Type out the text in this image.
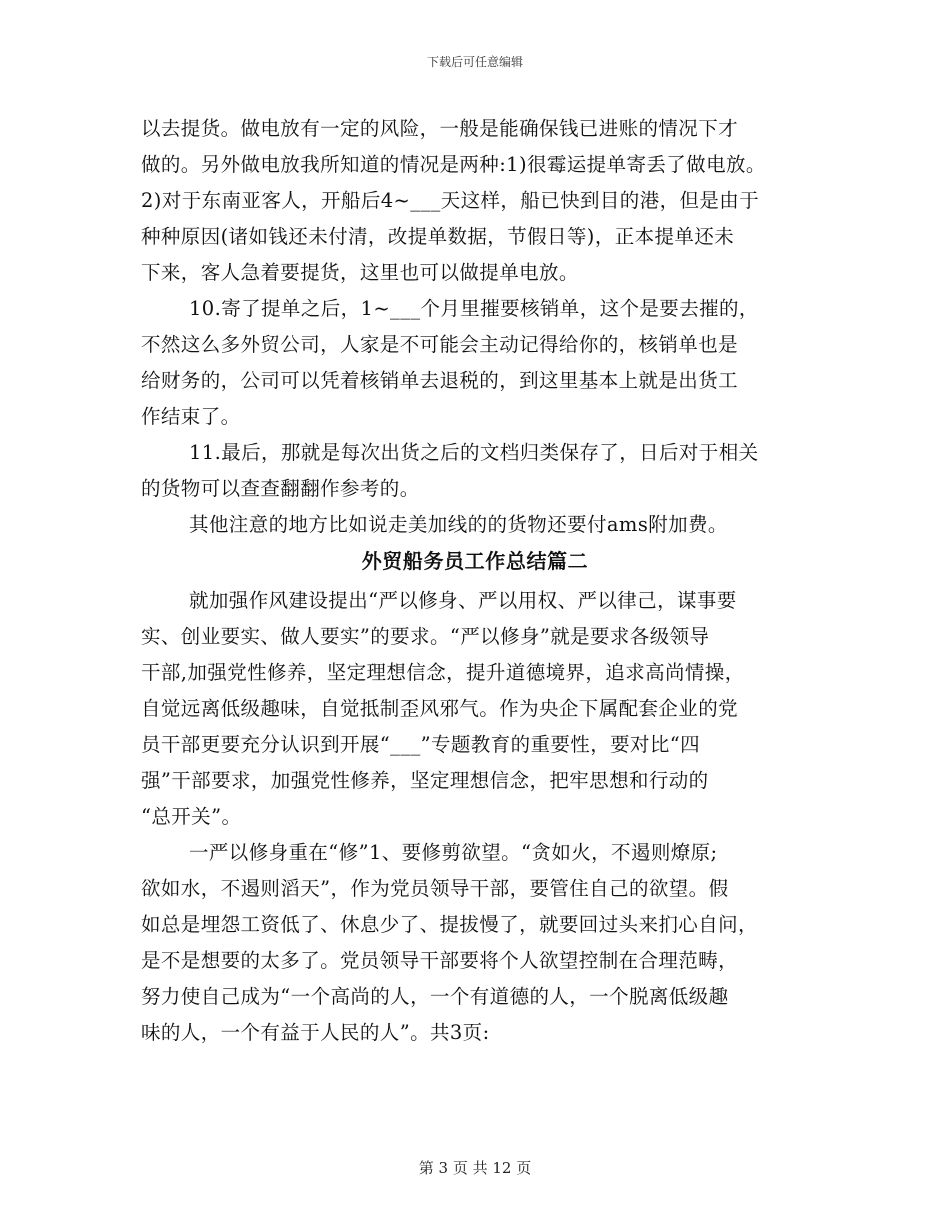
下载后可任意编辑
以去提货。做电放有一定的风险，一般是能确保钱已进账的情况下才
做的。另外做电放我所知道的情况是两种:1)很霉运提单寄丢了做电放。
2)对于东南亚客人，开船后4~___天这样，船已快到目的港，但是由于
种种原因(诸如钱还未付清，改提单数据，节假日等)，正本提单还未
下来，客人急着要提货，这里也可以做提单电放。
10.寄了提单之后，1~___个月里摧要核销单，这个是要去摧的，
不然这么多外贸公司，人家是不可能会主动记得给你的，核销单也是
给财务的，公司可以凭着核销单去退税的，到这里基本上就是出货工
作结束了。
11.最后，那就是每次出货之后的文档归类保存了，日后对于相关
的货物可以查查翻翻作参考的。
其他注意的地方比如说走美加线的的货物还要付ams附加费。
外贸船务员工作总结篇二
就加强作风建设提出“严以修身、严以用权、严以律己，谋事要
实、创业要实、做人要实”的要求。“严以修身”就是要求各级领导
干部,加强党性修养，坚定理想信念，提升道德境界，追求高尚情操，
自觉远离低级趣味，自觉抵制歪风邪气。作为央企下属配套企业的党
员干部更要充分认识到开展“___”专题教育的重要性，要对比“四
强”干部要求，加强党性修养，坚定理想信念，把牢思想和行动的
“总开关”。
一严以修身重在“修”1、要修剪欲望。“贪如火，不遏则燎原;
欲如水，不遏则滔天”，作为党员领导干部，要管住自己的欲望。假
如总是埋怨工资低了、休息少了、提拔慢了，就要回过头来扪心自问，
是不是想要的太多了。党员领导干部要将个人欲望控制在合理范畴，
努力使自己成为“一个高尚的人，一个有道德的人，一个脱离低级趣
味的人，一个有益于人民的人”。共3页:
第 3 页 共 12 页
